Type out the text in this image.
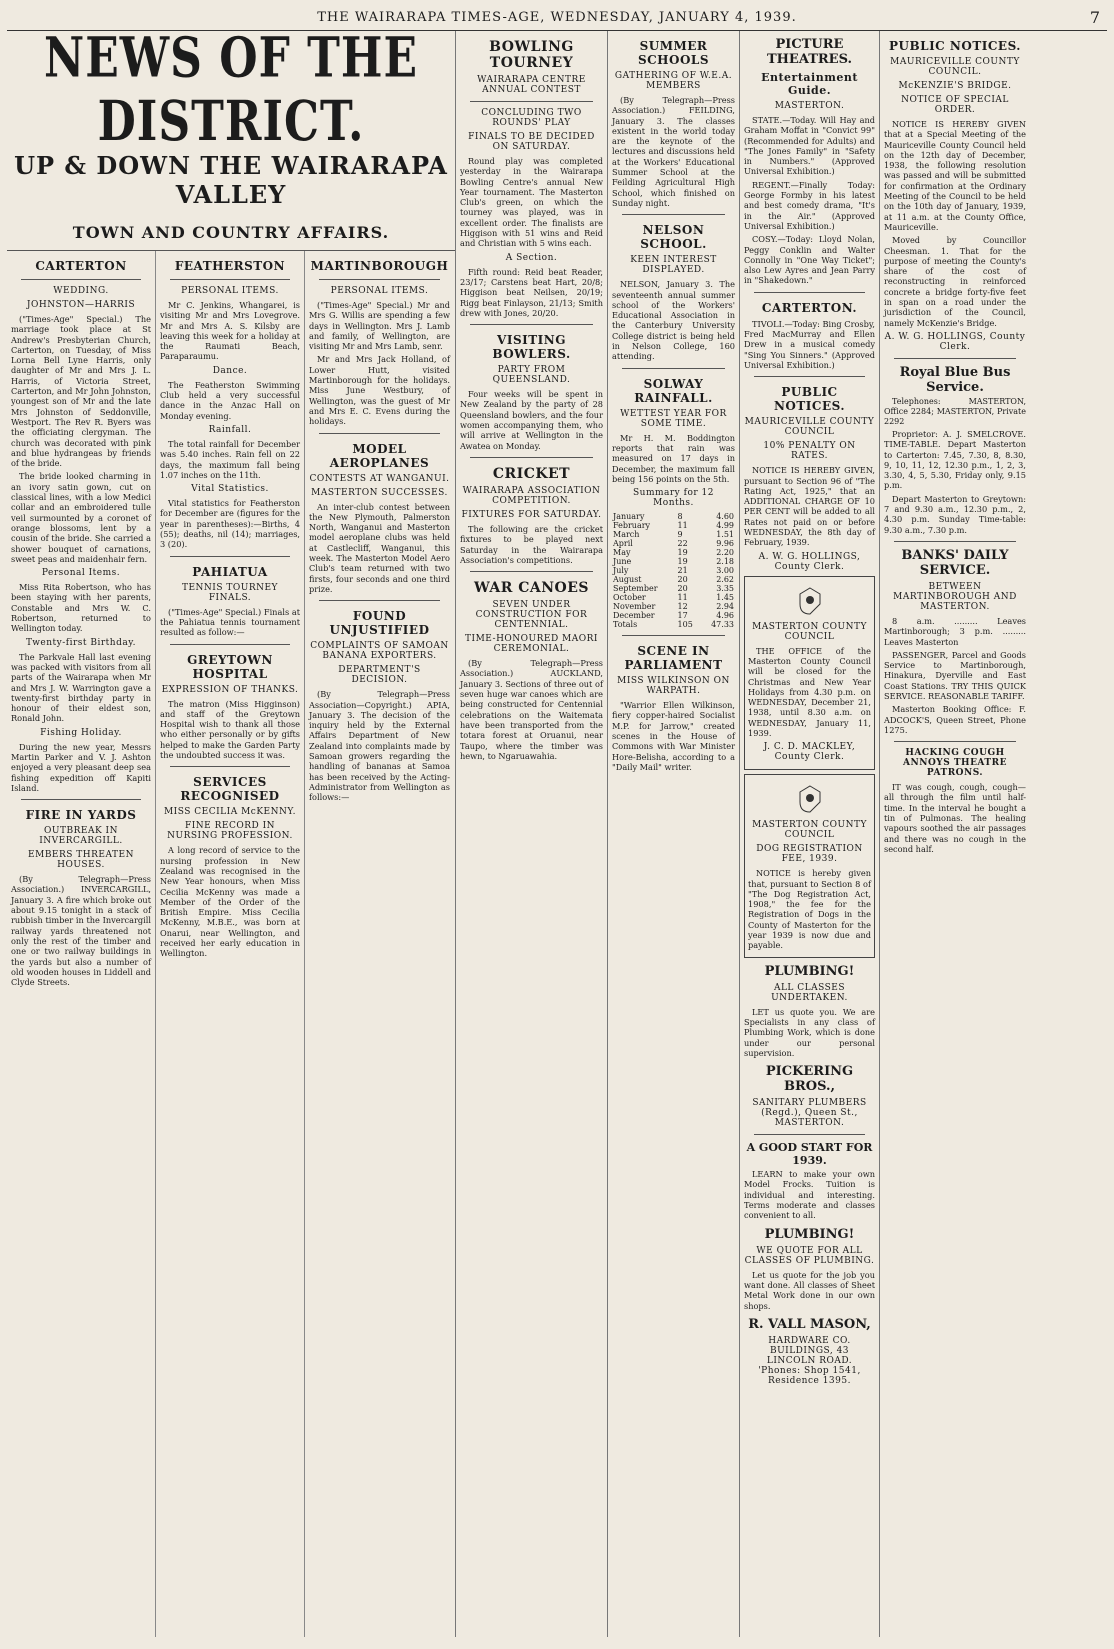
THE WAIRARAPA TIMES-AGE, WEDNESDAY, JANUARY 4, 1939.	7
NEWS OF THE DISTRICT.
UP & DOWN THE WAIRARAPA VALLEY
TOWN AND COUNTRY AFFAIRS.
CARTERTON
WEDDING.
JOHNSTON—HARRIS

("Times-Age" Special.) The marriage took place at St Andrew's Presbyterian Church, Carterton, on Tuesday, of Miss Lorna Bell Lyne Harris, only daughter of Mr and Mrs J. L. Harris, of Victoria Street, Carterton, and Mr John Johnston, youngest son of Mr and the late Mrs Johnston of Seddonville, Westport. The Rev R. Byers was the officiating clergyman. The church was decorated with pink and blue hydrangeas by friends of the bride.

The bride looked charming in an ivory satin gown, cut on classical lines, with a low Medici collar and an embroidered tulle veil surmounted by a coronet of orange blossoms, lent by a cousin of the bride. She carried a shower bouquet of carnations, sweet peas and maidenhair fern.

Personal Items.

Miss Rita Robertson, who has been staying with her parents, Constable and Mrs W. C. Robertson, returned to Wellington today.

Twenty-first Birthday.

The Parkvale Hall last evening was packed with visitors from all parts of the Wairarapa when Mr and Mrs J. W. Warrington gave a twenty-first birthday party in honour of their eldest son, Ronald John.

Fishing Holiday.

During the new year, Messrs Martin Parker and V. J. Ashton enjoyed a very pleasant deep sea fishing expedition off Kapiti Island.

FIRE IN YARDS
OUTBREAK IN INVERCARGILL.
EMBERS THREATEN HOUSES.

(By Telegraph—Press Association.) INVERCARGILL, January 3. A fire which broke out about 9.15 tonight in a stack of rubbish timber in the Invercargill railway yards threatened not only the rest of the timber and one or two railway buildings in the yards but also a number of old wooden houses in Liddell and Clyde Streets.

FEATHERSTON
PERSONAL ITEMS.

Mr C. Jenkins, Whangarei, is visiting Mr and Mrs Lovegrove. Mr and Mrs A. S. Kilsby are leaving this week for a holiday at the Raumati Beach, Paraparaumu.

Dance.

The Featherston Swimming Club held a very successful dance in the Anzac Hall on Monday evening.

Rainfall.

The total rainfall for December was 5.40 inches. Rain fell on 22 days, the maximum fall being 1.07 inches on the 11th.

Vital Statistics.

Vital statistics for Featherston for December are (figures for the year in parentheses):—Births, 4 (55); deaths, nil (14); marriages, 3 (20).

PAHIATUA
TENNIS TOURNEY FINALS.

("Times-Age" Special.) Finals at the Pahiatua tennis tournament resulted as follow:—

GREYTOWN HOSPITAL
EXPRESSION OF THANKS.

The matron (Miss Higginson) and staff of the Greytown Hospital wish to thank all those who either personally or by gifts helped to make the Garden Party the undoubted success it was.

SERVICES RECOGNISED
MISS CECILIA McKENNY.
FINE RECORD IN NURSING PROFESSION.

A long record of service to the nursing profession in New Zealand was recognised in the New Year honours, when Miss Cecilia McKenny was made a Member of the Order of the British Empire. Miss Cecilia McKenny, M.B.E., was born at Onarui, near Wellington, and received her early education in Wellington.

MARTINBOROUGH
PERSONAL ITEMS.

("Times-Age" Special.) Mr and Mrs G. Willis are spending a few days in Wellington. Mrs J. Lamb and family, of Wellington, are visiting Mr and Mrs Lamb, senr.

Mr and Mrs Jack Holland, of Lower Hutt, visited Martinborough for the holidays. Miss June Westbury, of Wellington, was the guest of Mr and Mrs E. C. Evens during the holidays.

MODEL AEROPLANES
CONTESTS AT WANGANUI.
MASTERTON SUCCESSES.

An inter-club contest between the New Plymouth, Palmerston North, Wanganui and Masterton model aeroplane clubs was held at Castlecliff, Wanganui, this week. The Masterton Model Aero Club's team returned with two firsts, four seconds and one third prize.

FOUND UNJUSTIFIED
COMPLAINTS OF SAMOAN BANANA EXPORTERS.
DEPARTMENT'S DECISION.

(By Telegraph—Press Association—Copyright.) APIA, January 3. The decision of the inquiry held by the External Affairs Department of New Zealand into complaints made by Samoan growers regarding the handling of bananas at Samoa has been received by the Acting-Administrator from Wellington as follows:—

BOWLING TOURNEY
WAIRARAPA CENTRE ANNUAL CONTEST
CONCLUDING TWO ROUNDS' PLAY
FINALS TO BE DECIDED ON SATURDAY.

Round play was completed yesterday in the Wairarapa Bowling Centre's annual New Year tournament. The Masterton Club's green, on which the tourney was played, was in excellent order. The finalists are Higgison with 51 wins and Reid and Christian with 5 wins each.

A Section.

Fifth round: Reid beat Reader, 23/17; Carstens beat Hart, 20/8; Higgison beat Neilsen, 20/19; Rigg beat Finlayson, 21/13; Smith drew with Jones, 20/20.

VISITING BOWLERS.
PARTY FROM QUEENSLAND.

Four weeks will be spent in New Zealand by the party of 28 Queensland bowlers, and the four women accompanying them, who will arrive at Wellington in the Awatea on Monday.

CRICKET
WAIRARAPA ASSOCIATION COMPETITION.
FIXTURES FOR SATURDAY.

The following are the cricket fixtures to be played next Saturday in the Wairarapa Association's competitions.

WAR CANOES
SEVEN UNDER CONSTRUCTION FOR CENTENNIAL.
TIME-HONOURED MAORI CEREMONIAL.

(By Telegraph—Press Association.) AUCKLAND, January 3. Sections of three out of seven huge war canoes which are being constructed for Centennial celebrations on the Waitemata have been transported from the totara forest at Oruanui, near Taupo, where the timber was hewn, to Ngaruawahia.

SUMMER SCHOOLS
GATHERING OF W.E.A. MEMBERS

(By Telegraph—Press Association.) FEILDING, January 3. The classes existent in the world today are the keynote of the lectures and discussions held at the Workers' Educational Summer School at the Feilding Agricultural High School, which finished on Sunday night.

NELSON SCHOOL.
KEEN INTEREST DISPLAYED.

NELSON, January 3. The seventeenth annual summer school of the Workers' Educational Association in the Canterbury University College district is being held in Nelson College, 160 attending.

SOLWAY RAINFALL.
WETTEST YEAR FOR SOME TIME.

Mr H. M. Boddington reports that rain was measured on 17 days in December, the maximum fall being 156 points on the 5th.

Summary for 12 Months.
January	8	4.60
February	11	4.99
March	9	1.51
April	22	9.96
May	19	2.20
June	19	2.18
July	21	3.00
August	20	2.62
September	20	3.35
October	11	1.45
November	12	2.94
December	17	4.96
Totals	105	47.33
SCENE IN PARLIAMENT
MISS WILKINSON ON WARPATH.

"Warrior Ellen Wilkinson, fiery copper-haired Socialist M.P. for Jarrow," created scenes in the House of Commons with War Minister Hore-Belisha, according to a "Daily Mail" writer.

PICTURE THEATRES.
Entertainment Guide.
MASTERTON.

STATE.—Today. Will Hay and Graham Moffat in "Convict 99" (Recommended for Adults) and "The Jones Family" in "Safety in Numbers." (Approved Universal Exhibition.)

REGENT.—Finally Today: George Formby in his latest and best comedy drama, "It's in the Air." (Approved Universal Exhibition.)

COSY.—Today: Lloyd Nolan, Peggy Conklin and Walter Connolly in "One Way Ticket"; also Lew Ayres and Jean Parry in "Shakedown."

CARTERTON.

TIVOLI.—Today: Bing Crosby, Fred MacMurray and Ellen Drew in a musical comedy "Sing You Sinners." (Approved Universal Exhibition.)

PUBLIC NOTICES.
MAURICEVILLE COUNTY COUNCIL
10% PENALTY ON RATES.

NOTICE IS HEREBY GIVEN, pursuant to Section 96 of "The Rating Act, 1925," that an ADDITIONAL CHARGE OF 10 PER CENT will be added to all Rates not paid on or before WEDNESDAY, the 8th day of February, 1939.

A. W. G. HOLLINGS, County Clerk.
MASTERTON COUNTY COUNCIL

THE OFFICE of the Masterton County Council will be closed for the Christmas and New Year Holidays from 4.30 p.m. on WEDNESDAY, December 21, 1938, until 8.30 a.m. on WEDNESDAY, January 11, 1939.

J. C. D. MACKLEY, County Clerk.
MASTERTON COUNTY COUNCIL
DOG REGISTRATION FEE, 1939.

NOTICE is hereby given that, pursuant to Section 8 of "The Dog Registration Act, 1908," the fee for the Registration of Dogs in the County of Masterton for the year 1939 is now due and payable.

PLUMBING!
ALL CLASSES UNDERTAKEN.

LET us quote you. We are Specialists in any class of Plumbing Work, which is done under our personal supervision.

PICKERING BROS.,
SANITARY PLUMBERS (Regd.), Queen St., MASTERTON.
A GOOD START FOR 1939.

LEARN to make your own Model Frocks. Tuition is individual and interesting. Terms moderate and classes convenient to all.

PLUMBING!
WE QUOTE FOR ALL CLASSES OF PLUMBING.

Let us quote for the job you want done. All classes of Sheet Metal Work done in our own shops.

R. VALL MASON,
HARDWARE CO. BUILDINGS, 43 LINCOLN ROAD. 'Phones: Shop 1541, Residence 1395.
PUBLIC NOTICES.
MAURICEVILLE COUNTY COUNCIL.
McKENZIE'S BRIDGE.
NOTICE OF SPECIAL ORDER.

NOTICE IS HEREBY GIVEN that at a Special Meeting of the Mauriceville County Council held on the 12th day of December, 1938, the following resolution was passed and will be submitted for confirmation at the Ordinary Meeting of the Council to be held on the 10th day of January, 1939, at 11 a.m. at the County Office, Mauriceville.

Moved by Councillor Cheesman. 1. That for the purpose of meeting the County's share of the cost of reconstructing in reinforced concrete a bridge forty-five feet in span on a road under the jurisdiction of the Council, namely McKenzie's Bridge.

A. W. G. HOLLINGS, County Clerk.
Royal Blue Bus Service.

Telephones: MASTERTON, Office 2284; MASTERTON, Private 2292

Proprietor: A. J. SMELCROVE. TIME-TABLE. Depart Masterton to Carterton: 7.45, 7.30, 8, 8.30, 9, 10, 11, 12, 12.30 p.m., 1, 2, 3, 3.30, 4, 5, 5.30, Friday only, 9.15 p.m.

Depart Masterton to Greytown: 7 and 9.30 a.m., 12.30 p.m., 2, 4.30 p.m. Sunday Time-table: 9.30 a.m., 7.30 p.m.

BANKS' DAILY SERVICE.
BETWEEN MARTINBOROUGH AND MASTERTON.

8 a.m. ......... Leaves Martinborough; 3 p.m. ......... Leaves Masterton

PASSENGER, Parcel and Goods Service to Martinborough, Hinakura, Dyerville and East Coast Stations. TRY THIS QUICK SERVICE. REASONABLE TARIFF.

Masterton Booking Office: F. ADCOCK'S, Queen Street, Phone 1275.

HACKING COUGH ANNOYS THEATRE PATRONS.

IT was cough, cough, cough—all through the film until half-time. In the interval he bought a tin of Pulmonas. The healing vapours soothed the air passages and there was no cough in the second half.
